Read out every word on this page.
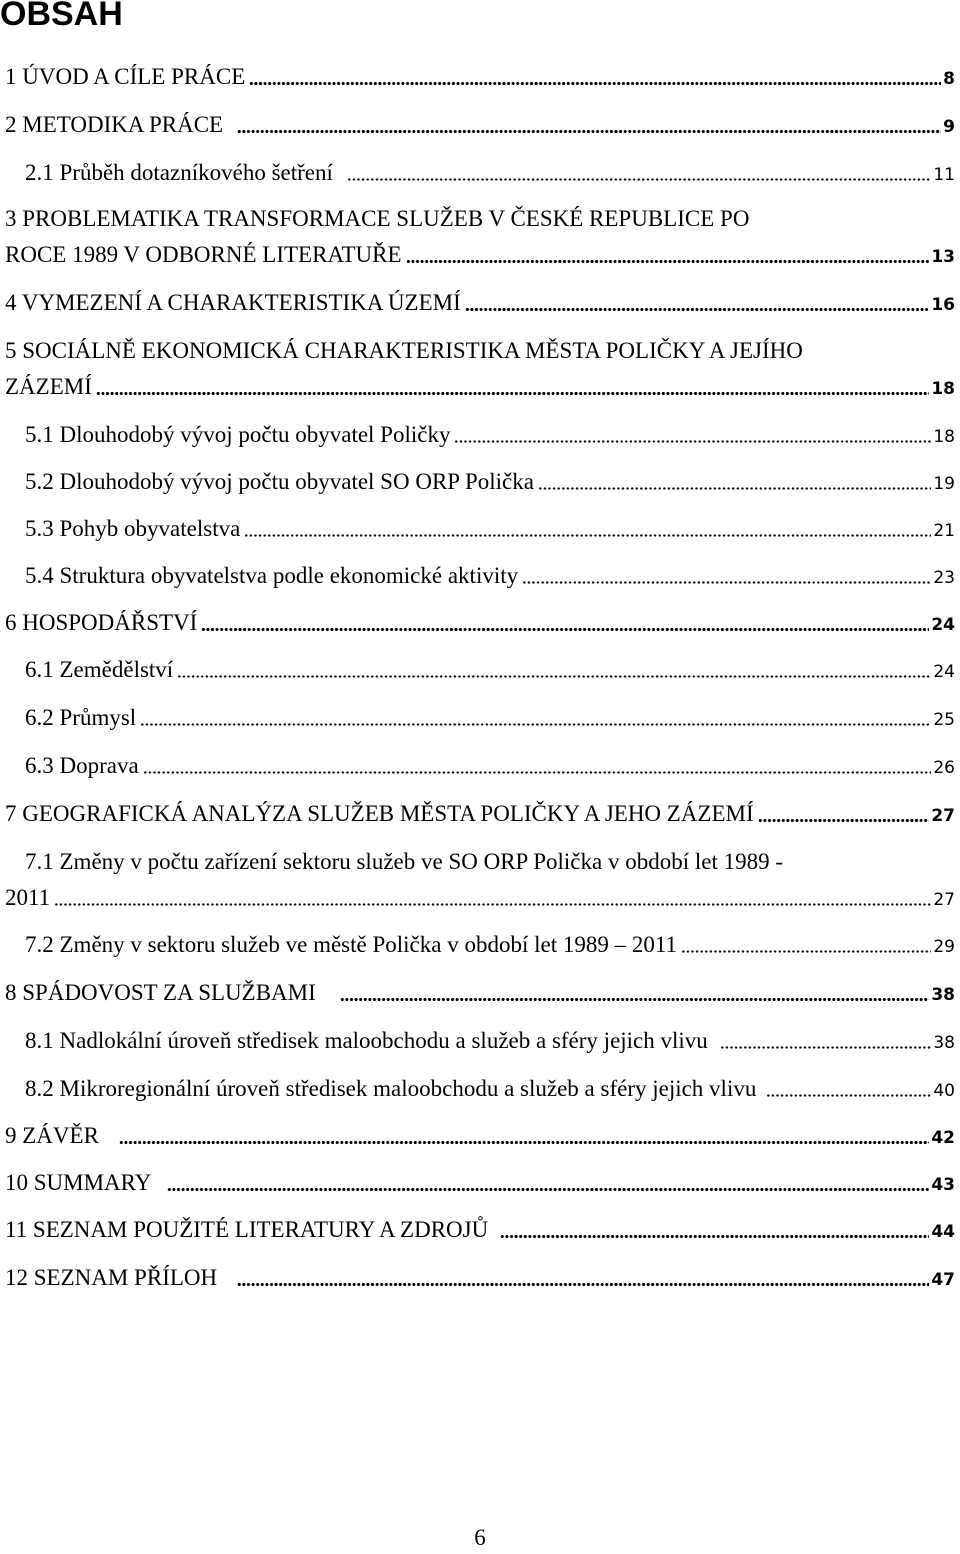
OBSAH
1 ÚVOD A CÍLE PRÁCE	8
2 METODIKA PRÁCE	9
2.1 Průběh dotazníkového šetření	11
3 PROBLEMATIKA TRANSFORMACE SLUŽEB V ČESKÉ REPUBLICE PO
ROCE 1989 V ODBORNÉ LITERATUŘE	13
4 VYMEZENÍ A CHARAKTERISTIKA ÚZEMÍ	16
5 SOCIÁLNĚ EKONOMICKÁ CHARAKTERISTIKA MĚSTA POLIČKY A JEJÍHO
ZÁZEMÍ	18
5.1 Dlouhodobý vývoj počtu obyvatel Poličky	18
5.2 Dlouhodobý vývoj počtu obyvatel SO ORP Polička	19
5.3 Pohyb obyvatelstva	21
5.4 Struktura obyvatelstva podle ekonomické aktivity	23
6 HOSPODÁŘSTVÍ	24
6.1 Zemědělství	24
6.2 Průmysl	25
6.3 Doprava	26
7 GEOGRAFICKÁ ANALÝZA SLUŽEB MĚSTA POLIČKY A JEHO ZÁZEMÍ	27
7.1 Změny v počtu zařízení sektoru služeb ve SO ORP Polička v období let 1989 -
2011	27
7.2 Změny v sektoru služeb ve městě Polička v období let 1989 – 2011	29
8 SPÁDOVOST ZA SLUŽBAMI	38
8.1 Nadlokální úroveň středisek maloobchodu a služeb a sféry jejich vlivu	38
8.2 Mikroregionální úroveň středisek maloobchodu a služeb a sféry jejich vlivu	40
9 ZÁVĚR	42
10 SUMMARY	43
11 SEZNAM POUŽITÉ LITERATURY A ZDROJŮ	44
12 SEZNAM PŘÍLOH	47
6
